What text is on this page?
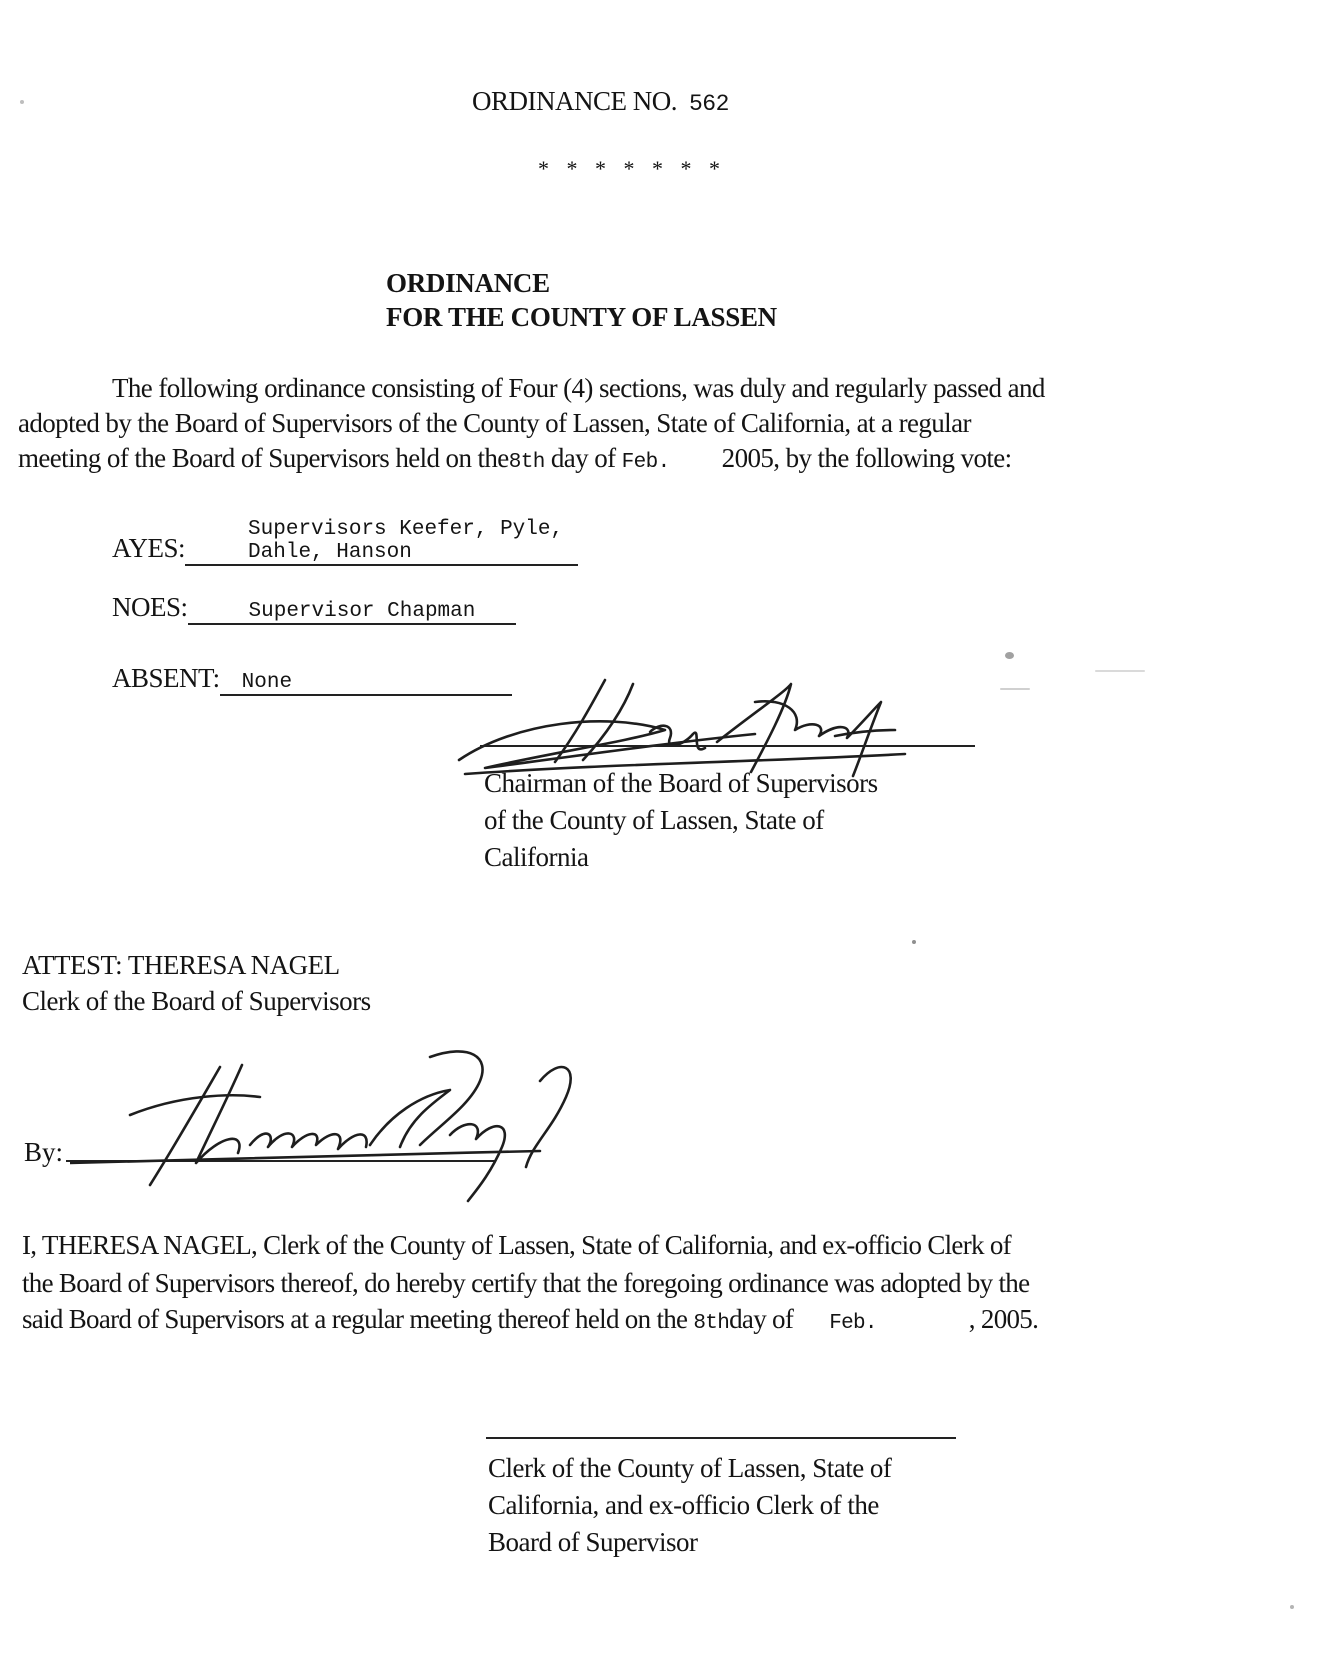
ORDINANCE NO. 562
* * * * * * *
ORDINANCE
FOR THE COUNTY OF LASSEN
The following ordinance consisting of Four (4) sections, was duly and regularly passed and
adopted by the Board of Supervisors of the County of Lassen, State of California, at a regular
meeting of the Board of Supervisors held on the8th day of Feb. 2005, by the following vote:
AYES:Supervisors Keefer, Pyle, Dahle, Hanson
NOES:	Supervisor Chapman
ABSENT: None
Chairman of the Board of Supervisors
of the County of Lassen, State of
California
ATTEST: THERESA NAGEL
Clerk of the Board of Supervisors
By:
I, THERESA NAGEL, Clerk of the County of Lassen, State of California, and ex-officio Clerk of
the Board of Supervisors thereof, do hereby certify that the foregoing ordinance was adopted by the
said Board of Supervisors at a regular meeting thereof held on the 8thday of Feb.	, 2005.
Clerk of the County of Lassen, State of
California, and ex-officio Clerk of the
Board of Supervisor
